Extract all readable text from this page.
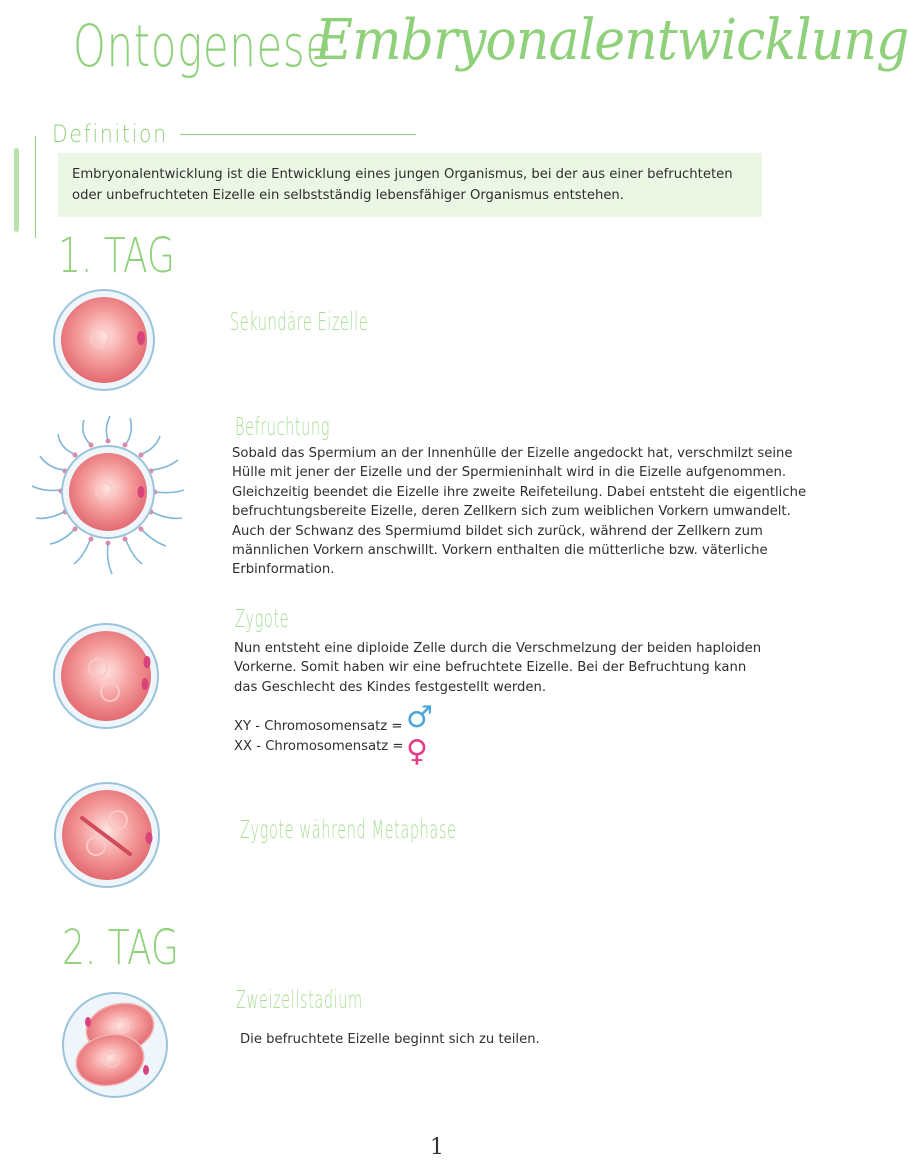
Ontogenese
Embryonalentwicklung
Definition
Embryonalentwicklung ist die Entwicklung eines jungen Organismus, bei der aus einer befruchteten oder unbefruchteten Eizelle ein selbstständig lebensfähiger Organismus entstehen.
1. TAG
Sekundäre Eizelle
Befruchtung
Sobald das Spermium an der Innenhülle der Eizelle angedockt hat, verschmilzt seine Hülle mit jener der Eizelle und der Spermieninhalt wird in die Eizelle aufgenommen. Gleichzeitig beendet die Eizelle ihre zweite Reifeteilung. Dabei entsteht die eigentliche befruchtungsbereite Eizelle, deren Zellkern sich zum weiblichen Vorkern umwandelt. Auch der Schwanz des Spermiumd bildet sich zurück, während der Zellkern zum männlichen Vorkern anschwillt. Vorkern enthalten die mütterliche bzw. väterliche Erbinformation.
Zygote
Nun entsteht eine diploide Zelle durch die Verschmelzung der beiden haploiden Vorkerne. Somit haben wir eine befruchtete Eizelle. Bei der Befruchtung kann das Geschlecht des Kindes festgestellt werden.
XY - Chromosomensatz = ♂
XX - Chromosomensatz = ♀
Zygote während Metaphase
2. TAG
Zweizellstadium
Die befruchtete Eizelle beginnt sich zu teilen.
1
